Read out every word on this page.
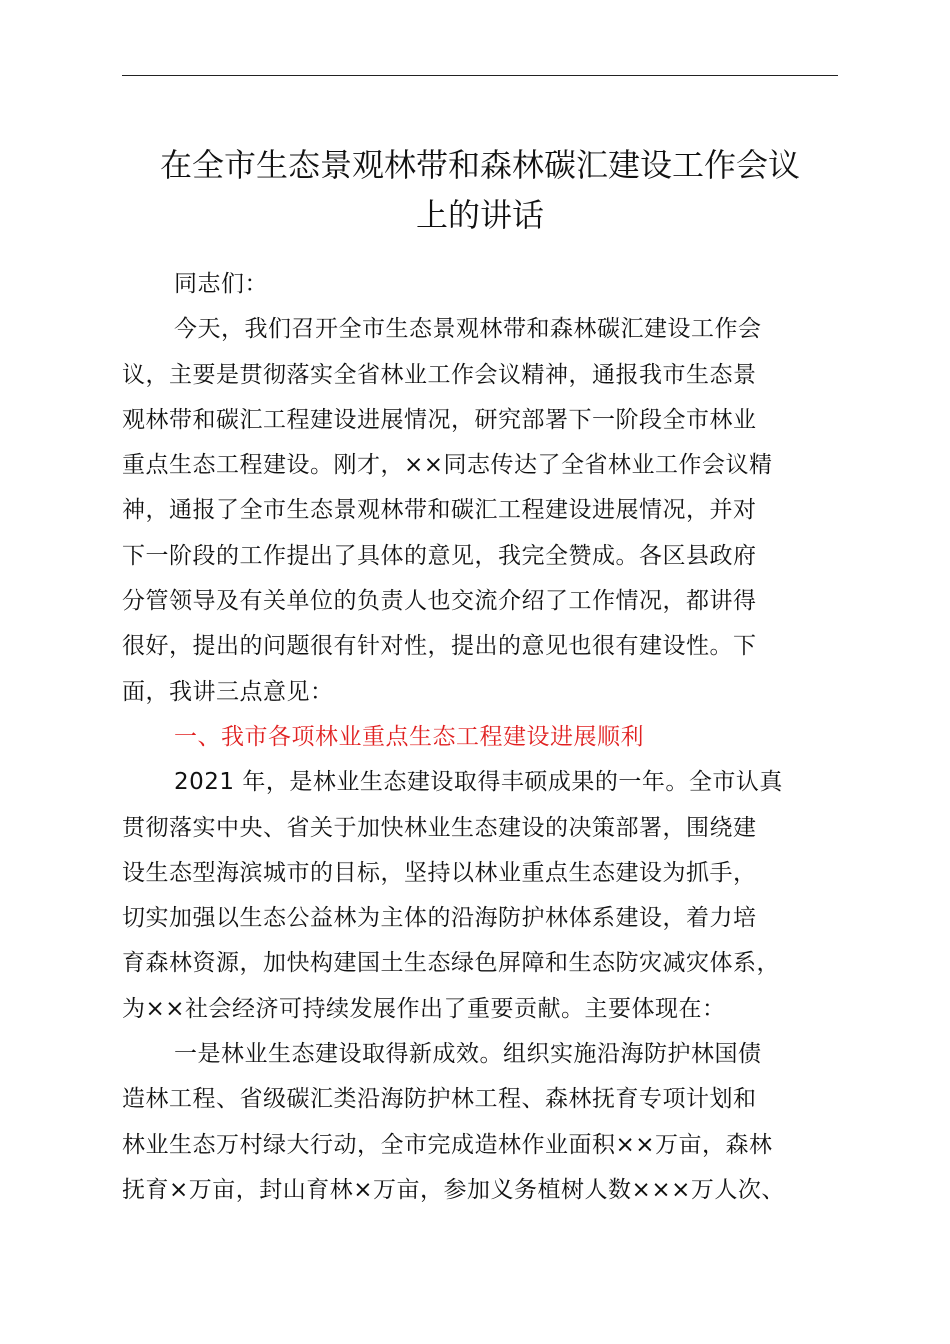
在全市生态景观林带和森林碳汇建设工作会议
上的讲话
同志们：
今天，我们召开全市生态景观林带和森林碳汇建设工作会
议，主要是贯彻落实全省林业工作会议精神，通报我市生态景
观林带和碳汇工程建设进展情况，研究部署下一阶段全市林业
重点生态工程建设。刚才，××同志传达了全省林业工作会议精
神，通报了全市生态景观林带和碳汇工程建设进展情况，并对
下一阶段的工作提出了具体的意见，我完全赞成。各区县政府
分管领导及有关单位的负责人也交流介绍了工作情况，都讲得
很好，提出的问题很有针对性，提出的意见也很有建设性。下
面，我讲三点意见：
一、我市各项林业重点生态工程建设进展顺利
2021 年，是林业生态建设取得丰硕成果的一年。全市认真
贯彻落实中央、省关于加快林业生态建设的决策部署，围绕建
设生态型海滨城市的目标，坚持以林业重点生态建设为抓手，
切实加强以生态公益林为主体的沿海防护林体系建设，着力培
育森林资源，加快构建国土生态绿色屏障和生态防灾减灾体系，
为××社会经济可持续发展作出了重要贡献。主要体现在：
一是林业生态建设取得新成效。组织实施沿海防护林国债
造林工程、省级碳汇类沿海防护林工程、森林抚育专项计划和
林业生态万村绿大行动，全市完成造林作业面积××万亩，森林
抚育×万亩，封山育林×万亩，参加义务植树人数×××万人次、
